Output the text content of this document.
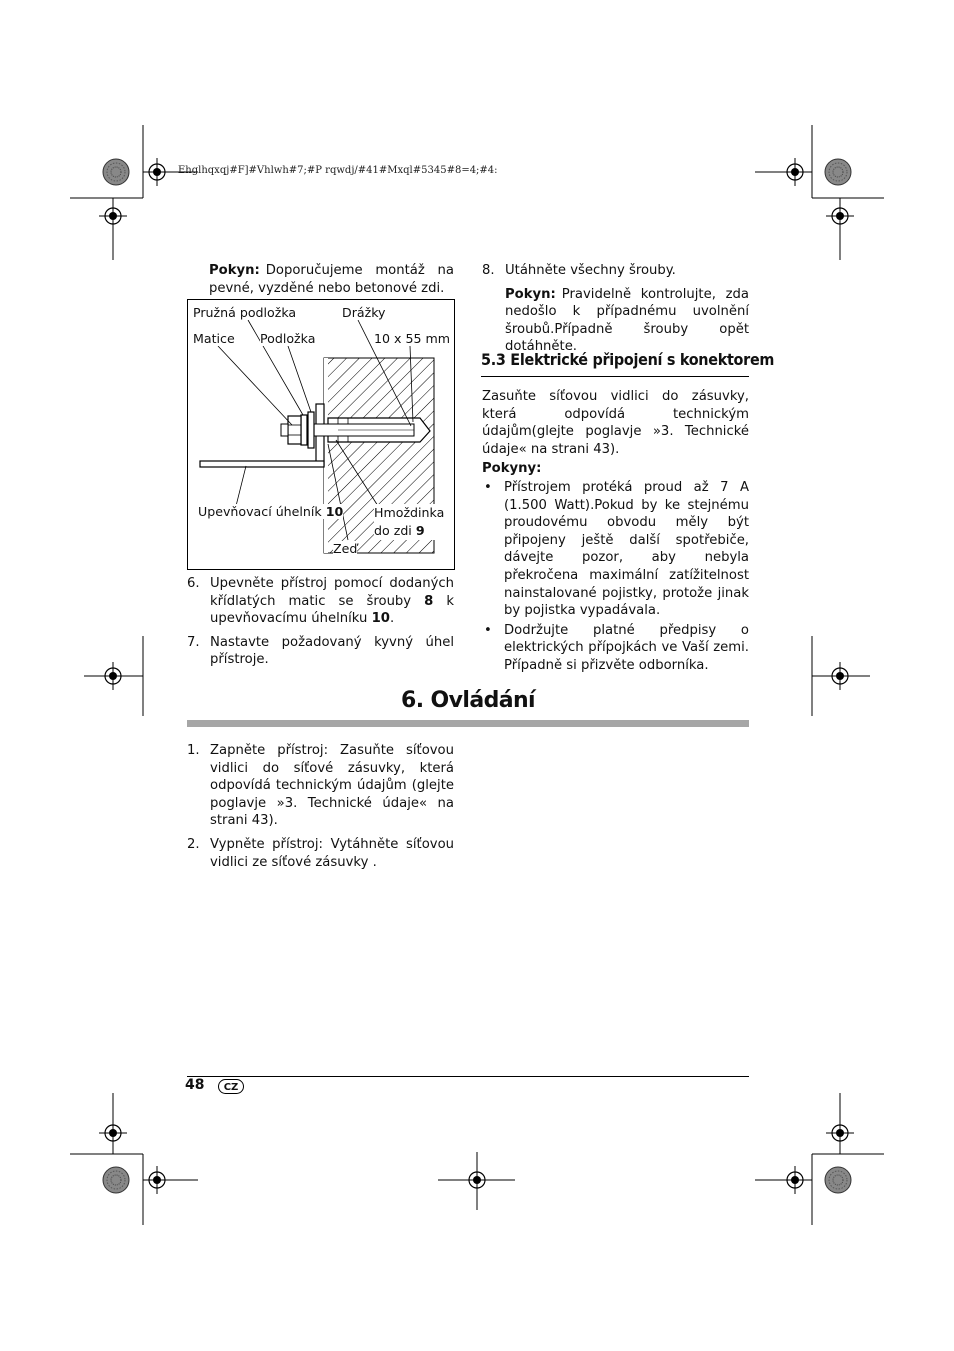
Ehglhqxqj#F]#Vhlwh#7;#P rqwdj/#41#Mxql#5345#8=4;#4:
Pokyn: Doporučujeme montáž na pevné, vyzděné nebo betonové zdi.
Pružná podložka	Drážky
Matice Podložka	10 x 55 mm
Upevňovací úhelník 10 Hmoždinka
do zdi 9
Zeď

6. Upevněte přístroj pomocí dodaných křídlatých matic se šrouby 8 k upevňovacímu úhelníku 10.

7. Nastavte požadovaný kyvný úhel přístroje.

8. Utáhněte všechny šrouby.

Pokyn: Pravidelně kontrolujte, zda nedošlo k případnému uvolnění šroubů.Případně šrouby opět dotáhněte.

5.3 Elektrické připojení s konektorem
Zasuňte síťovou vidlici do zásuvky, která odpovídá technickým údajům(glejte poglavje »3. Technické údaje« na strani 43).
Pokyny:

• Přístrojem protéká proud až 7 A (1.500 Watt).Pokud by ke stejnému proudovému obvodu měly být připojeny ještě další spotřebiče, dávejte pozor, aby nebyla překročena maximální zatížitelnost nainstalované pojistky, protože jinak by pojistka vypadávala.

• Dodržujte platné předpisy o elektrických přípojkách ve Vaší zemi. Případně si přizvěte odborníka.

6. Ovládání

1. Zapněte přístroj: Zasuňte síťovou vidlici do síťové zásuvky, která odpovídá technickým údajům (glejte poglavje »3. Technické údaje« na strani 43).

2. Vypněte přístroj: Vytáhněte síťovou vidlici ze síťové zásuvky .

48	CZ
